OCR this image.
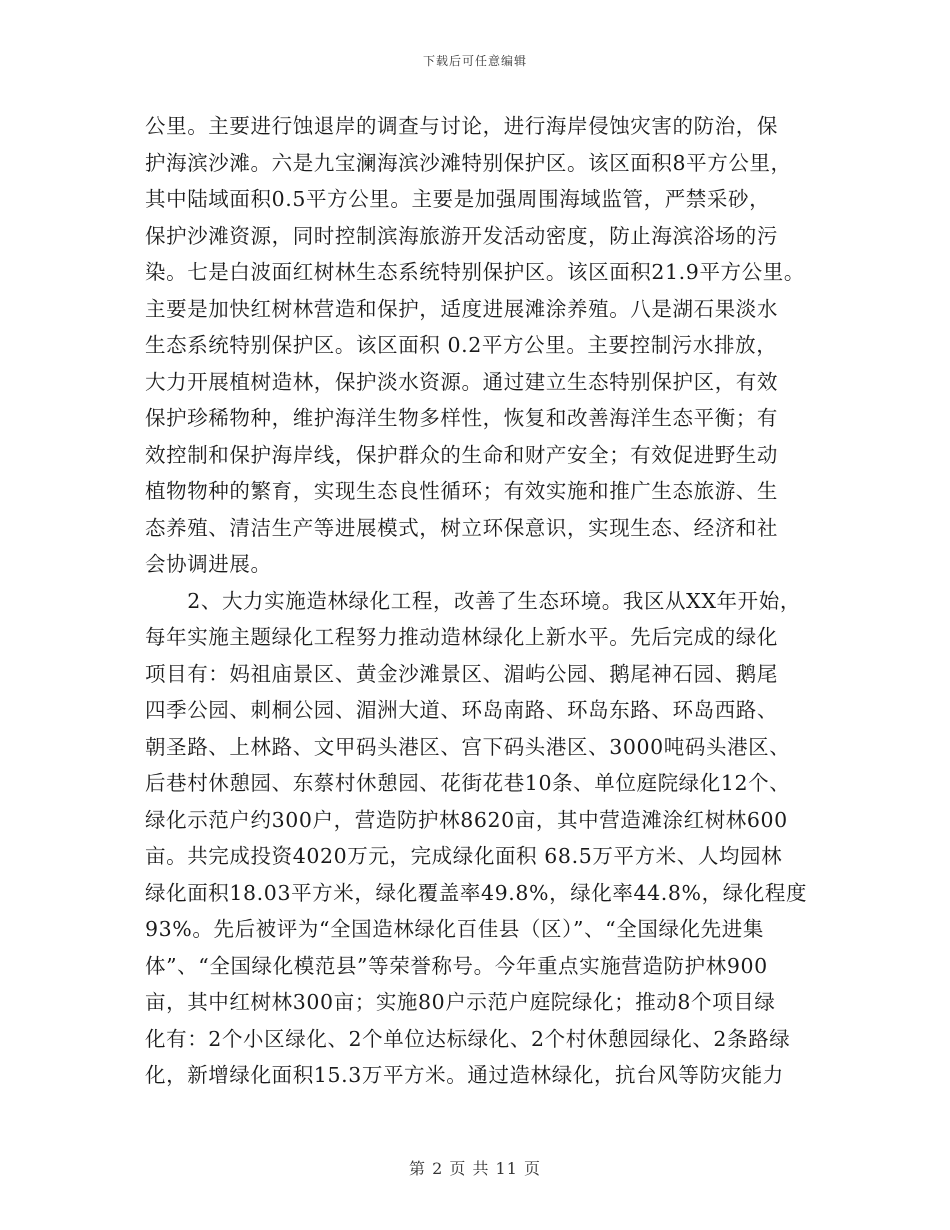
下载后可任意编辑
公里。主要进行蚀退岸的调查与讨论，进行海岸侵蚀灾害的防治，保
护海滨沙滩。六是九宝澜海滨沙滩特别保护区。该区面积8平方公里，
其中陆域面积0.5平方公里。主要是加强周围海域监管，严禁采砂，
保护沙滩资源，同时控制滨海旅游开发活动密度，防止海滨浴场的污
染。七是白波面红树林生态系统特别保护区。该区面积21.9平方公里。
主要是加快红树林营造和保护，适度进展滩涂养殖。八是湖石果淡水
生态系统特别保护区。该区面积 0.2平方公里。主要控制污水排放，
大力开展植树造林，保护淡水资源。通过建立生态特别保护区，有效
保护珍稀物种，维护海洋生物多样性，恢复和改善海洋生态平衡；有
效控制和保护海岸线，保护群众的生命和财产安全；有效促进野生动
植物物种的繁育，实现生态良性循环；有效实施和推广生态旅游、生
态养殖、清洁生产等进展模式，树立环保意识，实现生态、经济和社
会协调进展。
　　2、大力实施造林绿化工程，改善了生态环境。我区从XX年开始，
每年实施主题绿化工程努力推动造林绿化上新水平。先后完成的绿化
项目有：妈祖庙景区、黄金沙滩景区、湄屿公园、鹅尾神石园、鹅尾
四季公园、刺桐公园、湄洲大道、环岛南路、环岛东路、环岛西路、
朝圣路、上林路、文甲码头港区、宫下码头港区、3000吨码头港区、
后巷村休憩园、东蔡村休憩园、花街花巷10条、单位庭院绿化12个、
绿化示范户约300户，营造防护林8620亩，其中营造滩涂红树林600
亩。共完成投资4020万元，完成绿化面积 68.5万平方米、人均园林
绿化面积18.03平方米，绿化覆盖率49.8%，绿化率44.8%，绿化程度
93%。先后被评为“全国造林绿化百佳县（区）”、“全国绿化先进集
体”、“全国绿化模范县”等荣誉称号。今年重点实施营造防护林900
亩，其中红树林300亩；实施80户示范户庭院绿化；推动8个项目绿
化有：2个小区绿化、2个单位达标绿化、2个村休憩园绿化、2条路绿
化，新增绿化面积15.3万平方米。通过造林绿化，抗台风等防灾能力
第 2 页 共 11 页
